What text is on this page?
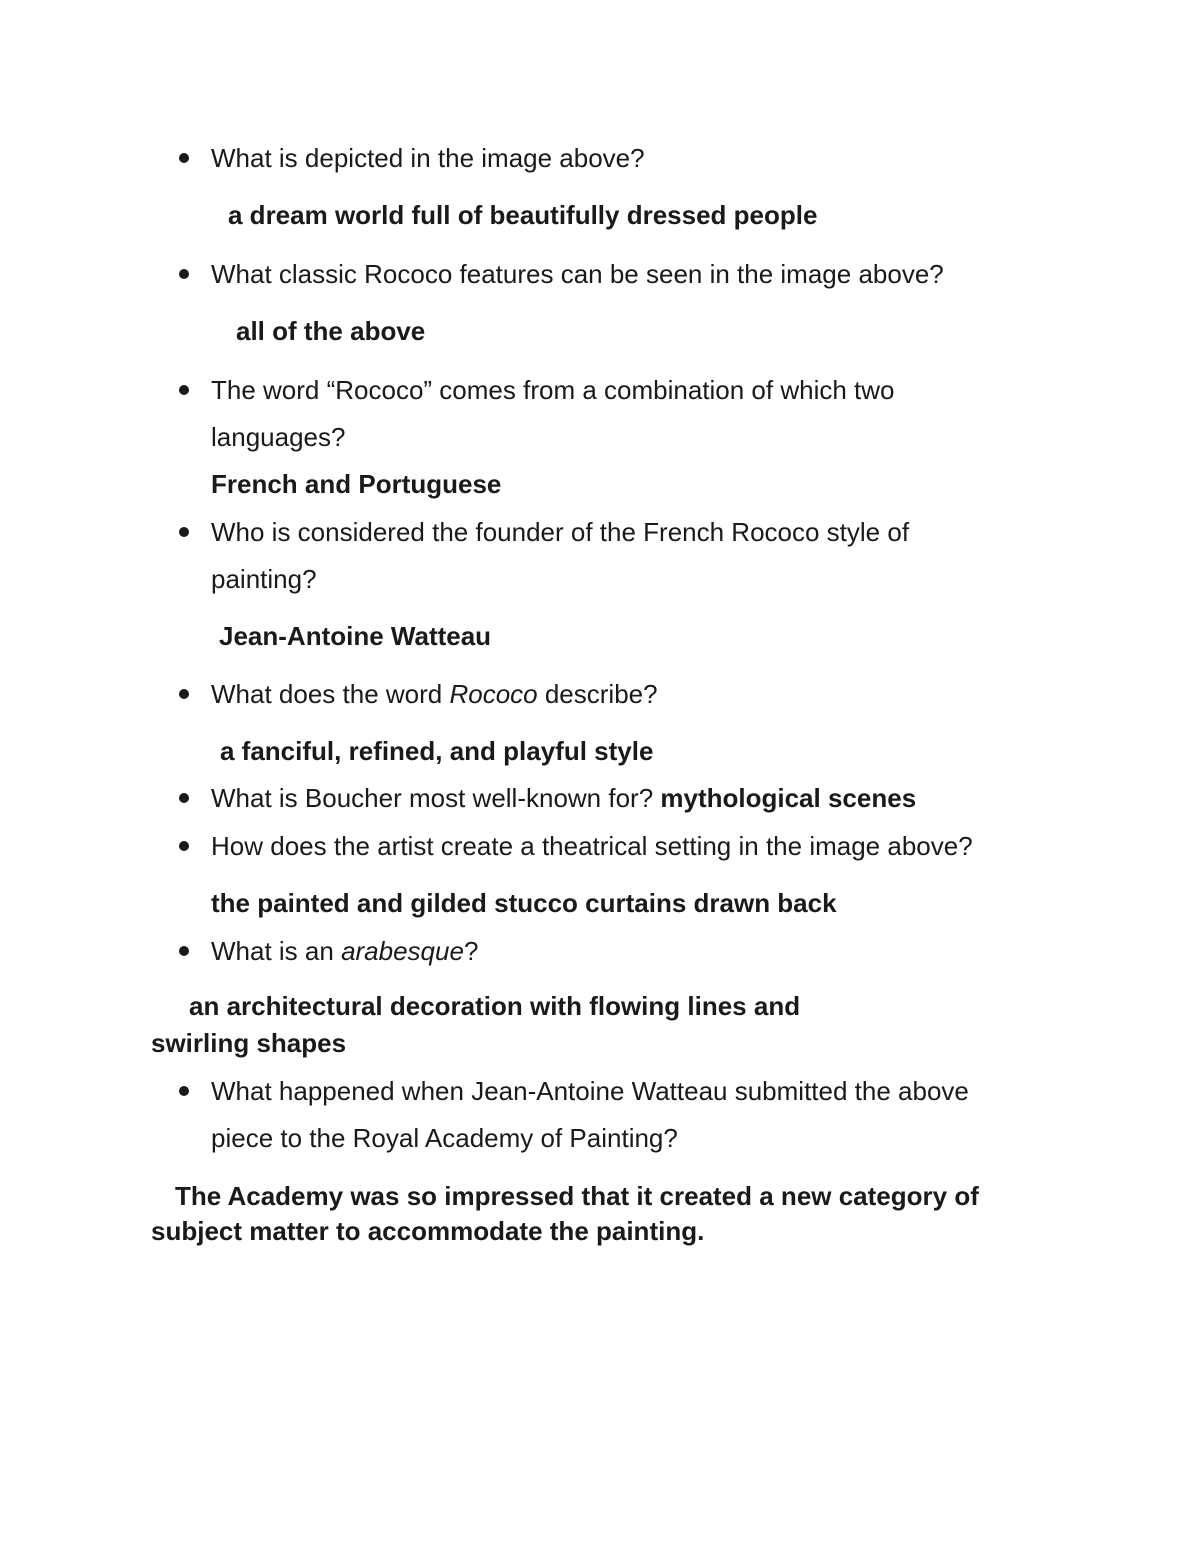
What is depicted in the image above?
a dream world full of beautifully dressed people
What classic Rococo features can be seen in the image above?
all of the above
The word “Rococo” comes from a combination of which two
languages?
French and Portuguese
Who is considered the founder of the French Rococo style of
painting?
Jean-Antoine Watteau
What does the word Rococo describe?
a fanciful, refined, and playful style
What is Boucher most well-known for? mythological scenes
How does the artist create a theatrical setting in the image above?
the painted and gilded stucco curtains drawn back
What is an arabesque?
an architectural decoration with flowing lines and
swirling shapes
What happened when Jean-Antoine Watteau submitted the above
piece to the Royal Academy of Painting?
The Academy was so impressed that it created a new category of
subject matter to accommodate the painting.
